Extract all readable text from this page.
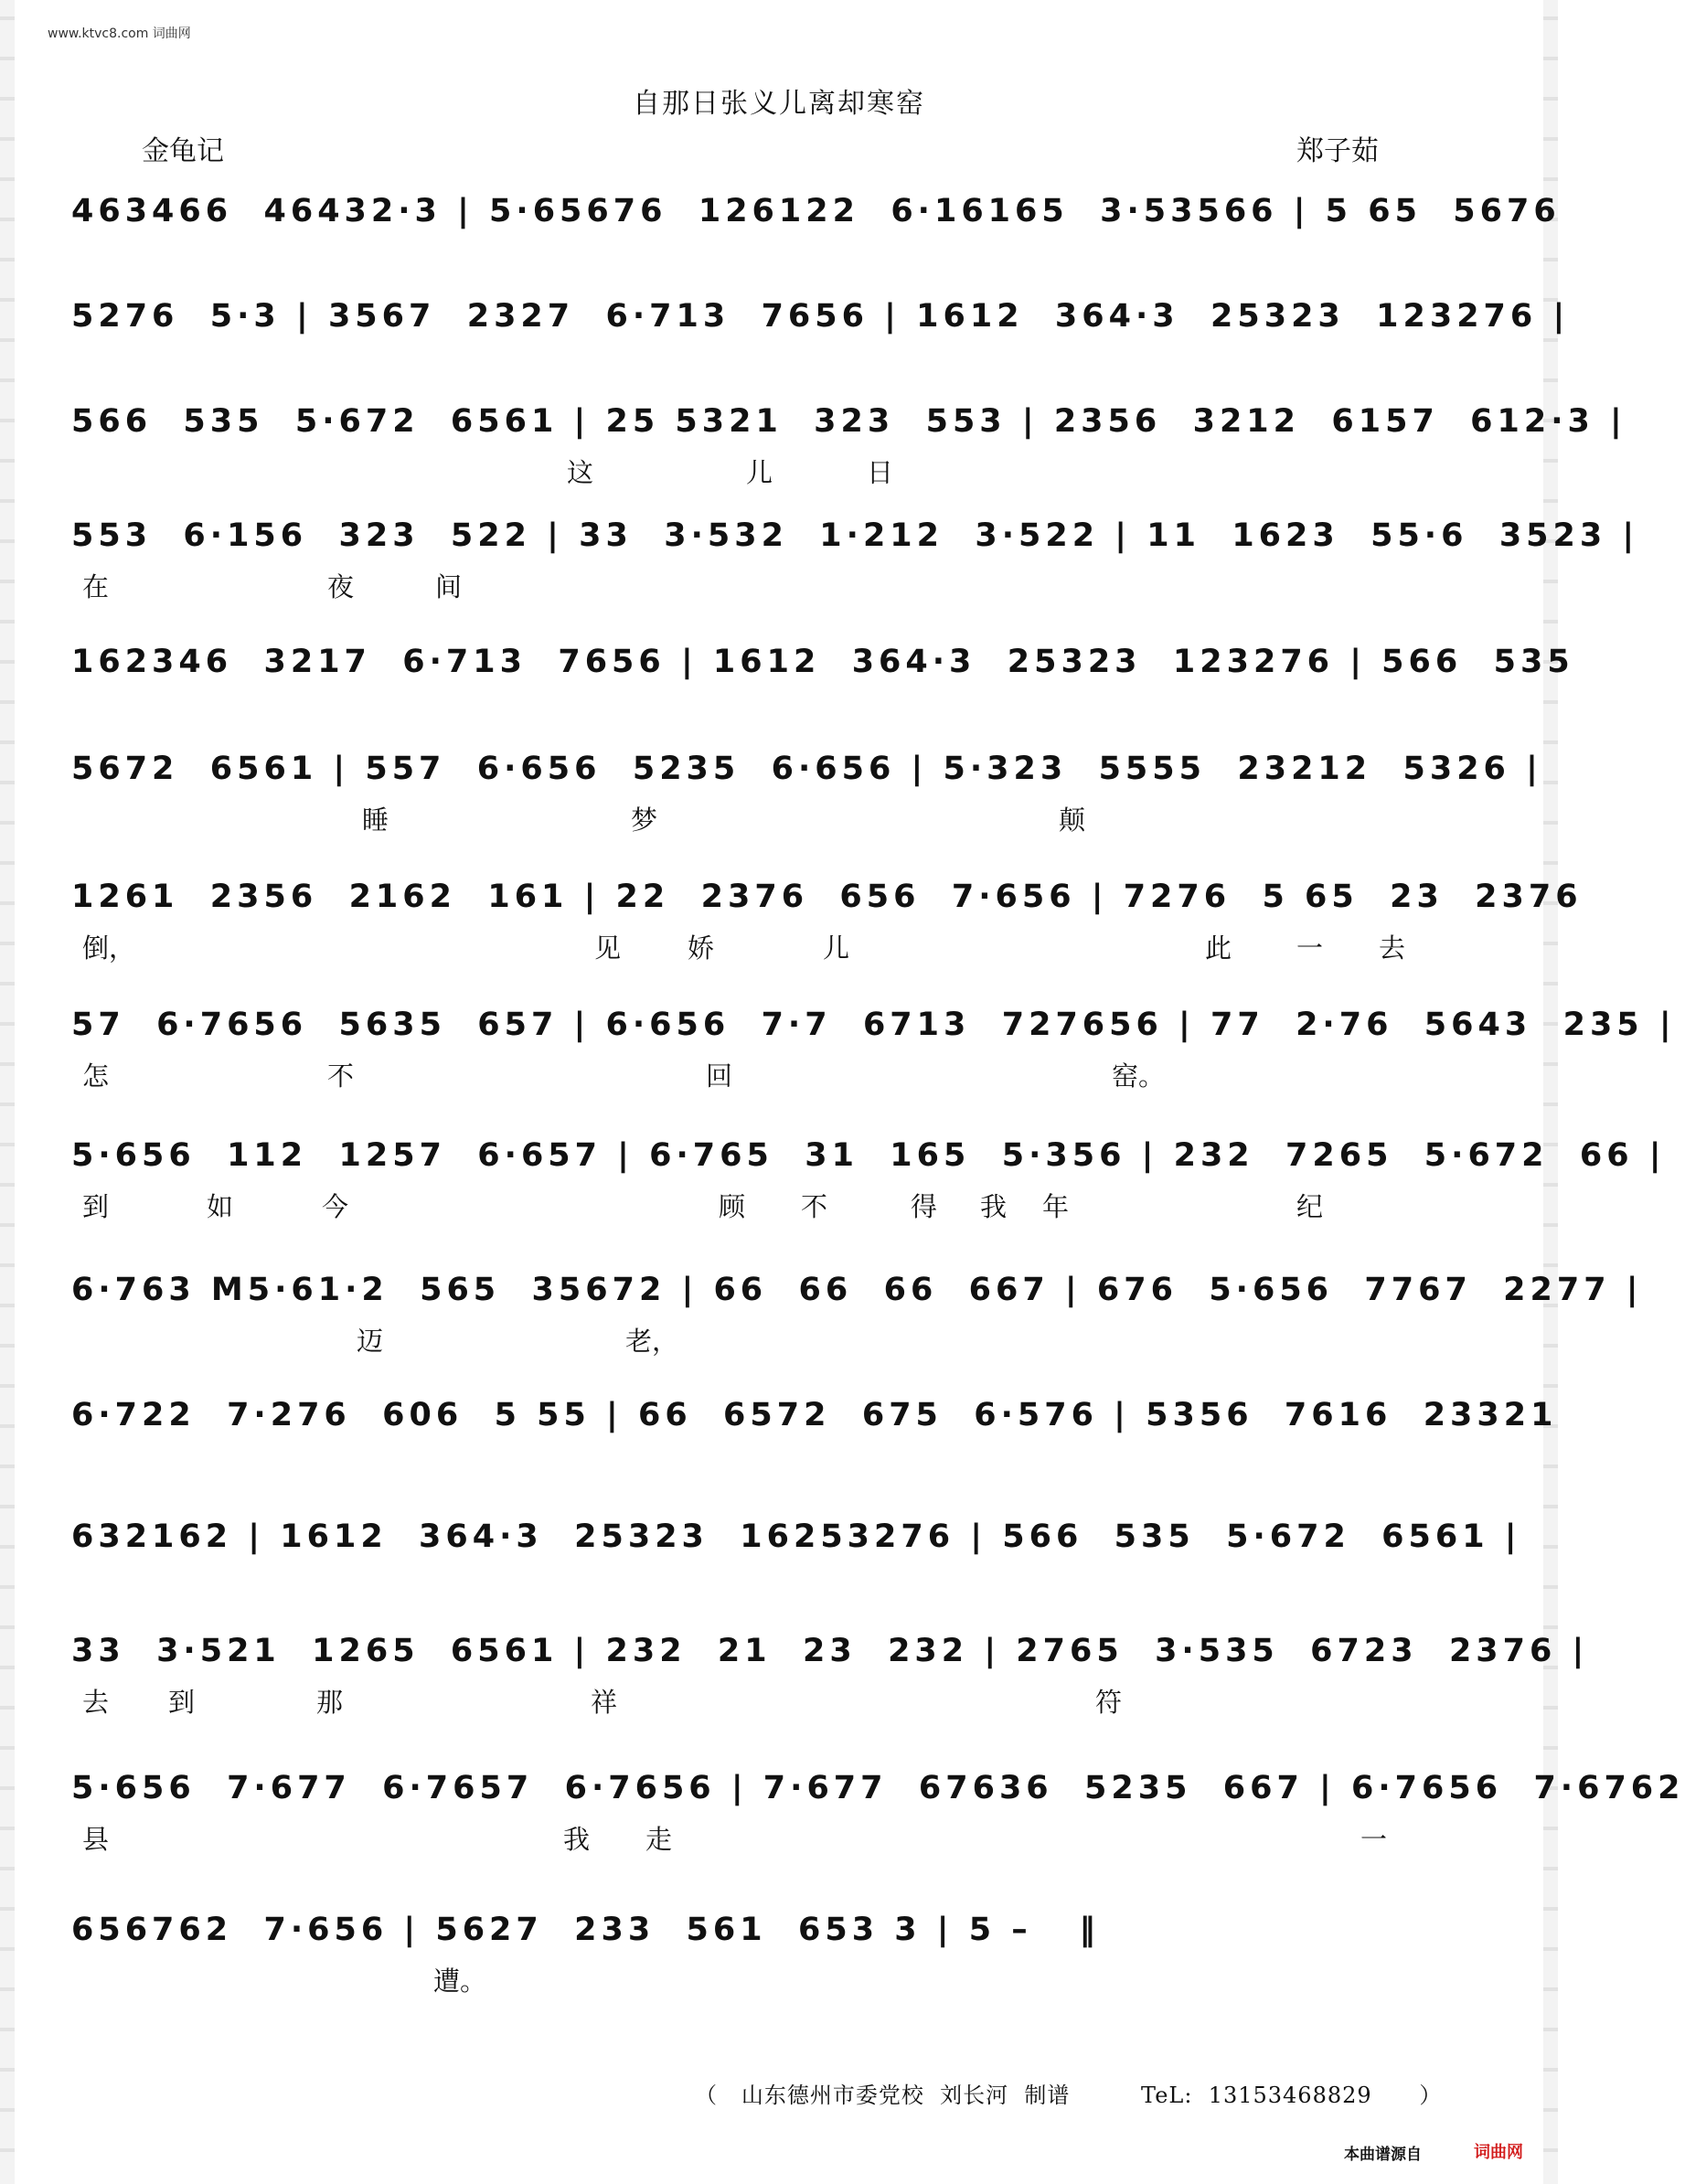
www.ktvc8.com 词曲网
自那日张义儿离却寒窑
金龟记	郑子茹
463466  46432·3 | 5·65676  126122  6·16165  3·53566 | 5 65  5676
5276  5·3 | 3567  2327  6·713  7656 | 1612  364·3  25323  123276 |
566  535  5·672  6561 | 25 5321  323  553 | 2356  3212  6157  612·3 |
这	儿	日
553  6·156  323  522 | 33  3·532  1·212  3·522 | 11  1623  55·6  3523 |
在	夜	间
162346  3217  6·713  7656 | 1612  364·3  25323  123276 | 566  535
5672  6561 | 557  6·656  5235  6·656 | 5·323  5555  23212  5326 |
睡	梦	颠
1261  2356  2162  161 | 22  2376  656  7·656 | 7276  5 65  23  2376
倒，	见	娇	儿	此 一 去
57  6·7656  5635  657 | 6·656  7·7  6713  727656 | 77  2·76  5643  235 |
怎	不	回	窑。
5·656  112  1257  6·657 | 6·765  31  165  5·356 | 232  7265  5·672  66 |
到	如	今	顾 不	得 我 年	纪
6·763 M5·61·2  565  35672 | 66  66  66  667 | 676  5·656  7767  2277 |
迈	老，
6·722  7·276  606  5 55 | 66  6572  675  6·576 | 5356  7616  23321
632162 | 1612  364·3  25323  16253276 | 566  535  5·672  6561 |
33  3·521  1265  6561 | 232  21  23  232 | 2765  3·535  6723  2376 |
去 到	那	祥	符
5·656  7·677  6·7657  6·7656 | 7·677  67636  5235  667 | 6·7656  7·6762
县	我 走	一
656762  7·656 | 5627  233  561  653 3 | 5 –   ‖
遭。
（   山东德州市委党校  刘长河  制谱         TeL:  13153468829      ）
本曲谱源自	词曲网
